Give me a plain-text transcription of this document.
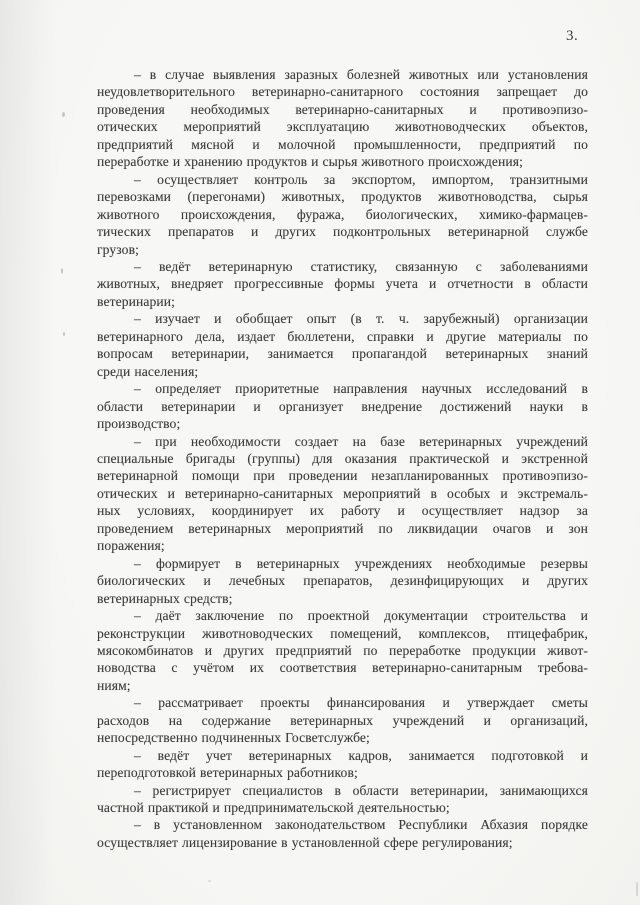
3.
– в случае выявления заразных болезней животных или установления
неудовлетворительного ветеринарно-санитарного состояния запрещает до
проведения необходимых ветеринарно-санитарных и противоэпизо-
отических мероприятий эксплуатацию животноводческих объектов,
предприятий мясной и молочной промышленности, предприятий по
переработке и хранению продуктов и сырья животного происхождения;
– осуществляет контроль за экспортом, импортом, транзитными
перевозками (перегонами) животных, продуктов животноводства, сырья
животного происхождения, фуража, биологических, химико-фармацев-
тических препаратов и других подконтрольных ветеринарной службе
грузов;
– ведёт ветеринарную статистику, связанную с заболеваниями
животных, внедряет прогрессивные формы учета и отчетности в области
ветеринарии;
– изучает и обобщает опыт (в т. ч. зарубежный) организации
ветеринарного дела, издает бюллетени, справки и другие материалы по
вопросам ветеринарии, занимается пропагандой ветеринарных знаний
среди населения;
– определяет приоритетные направления научных исследований в
области ветеринарии и организует внедрение достижений науки в
производство;
– при необходимости создает на базе ветеринарных учреждений
специальные бригады (группы) для оказания практической и экстренной
ветеринарной помощи при проведении незапланированных противоэпизо-
отических и ветеринарно-санитарных мероприятий в особых и экстремаль-
ных условиях, координирует их работу и осуществляет надзор за
проведением ветеринарных мероприятий по ликвидации очагов и зон
поражения;
– формирует в ветеринарных учреждениях необходимые резервы
биологических и лечебных препаратов, дезинфицирующих и других
ветеринарных средств;
– даёт заключение по проектной документации строительства и
реконструкции животноводческих помещений, комплексов, птицефабрик,
мясокомбинатов и других предприятий по переработке продукции живот-
новодства с учётом их соответствия ветеринарно-санитарным требова-
ниям;
– рассматривает проекты финансирования и утверждает сметы
расходов на содержание ветеринарных учреждений и организаций,
непосредственно подчиненных Госветслужбе;
– ведёт учет ветеринарных кадров, занимается подготовкой и
переподготовкой ветеринарных работников;
– регистрирует специалистов в области ветеринарии, занимающихся
частной практикой и предпринимательской деятельностью;
– в установленном законодательством Республики Абхазия порядке
осуществляет лицензирование в установленной сфере регулирования;
